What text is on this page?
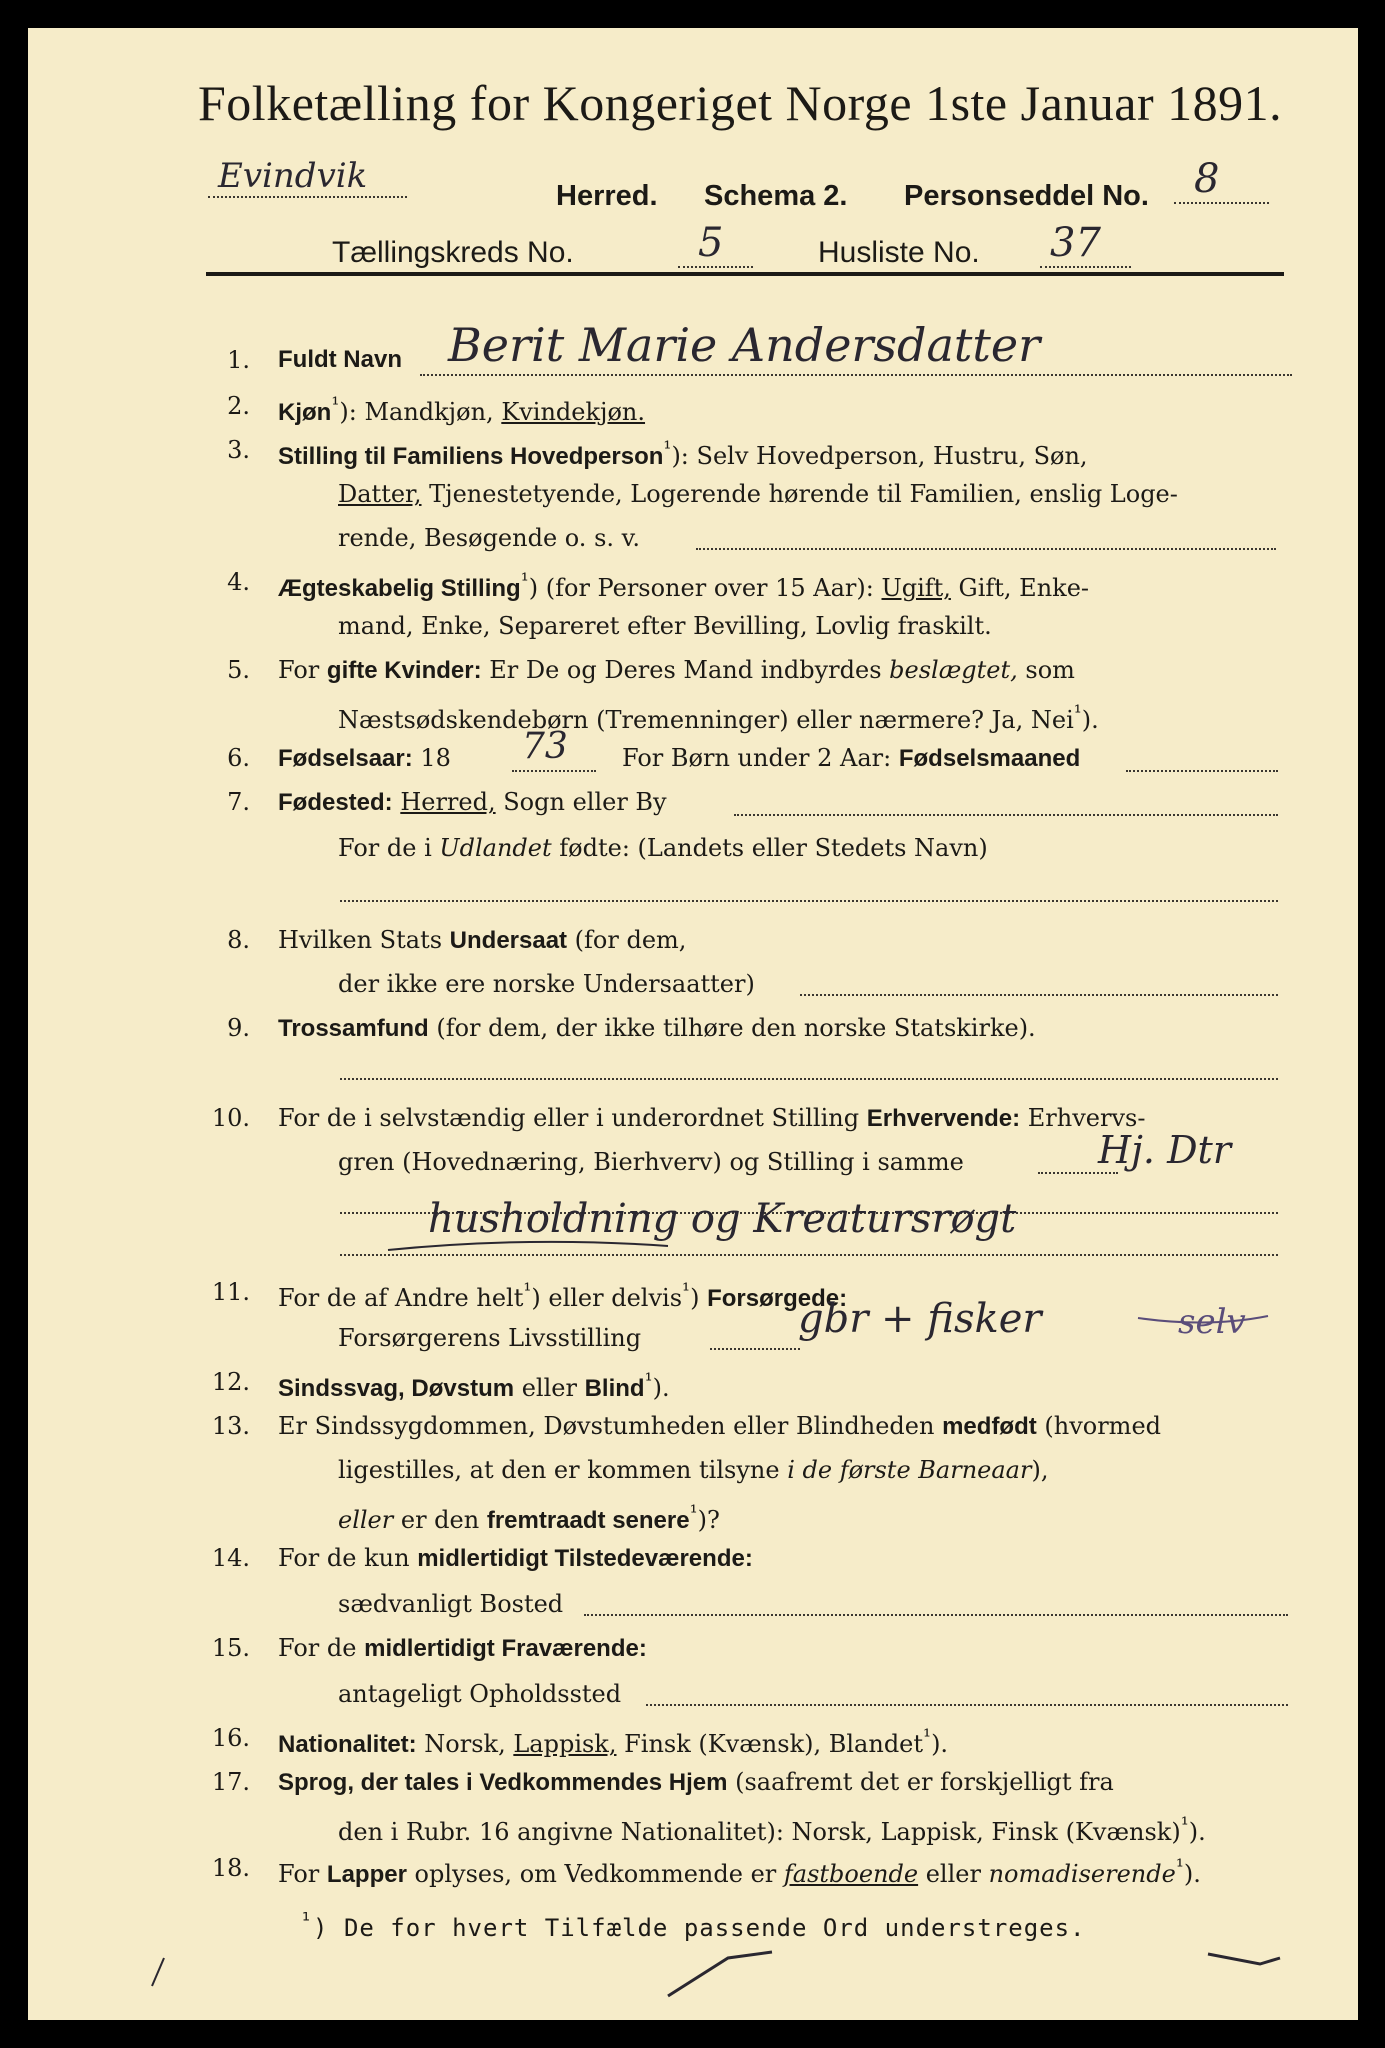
Folketælling for Kongeriget Norge 1ste Januar 1891.
Evindvik	Herred. Schema 2. Personseddel No.	8
Tællingskreds No.	5	Husliste No. 37
1. Fuldt Navn Berit Marie Andersdatter
2. Kjøn$^{^1}$): Mandkjøn, Kvindekjøn.
3. Stilling til Familiens Hovedperson$^{^1}$): Selv Hovedperson, Hustru, Søn,
Datter, Tjenestetyende, Logerende hørende til Familien, enslig Loge-
rende, Besøgende o. s. v.
4. Ægteskabelig Stilling$^{^1}$) (for Personer over 15 Aar): Ugift, Gift, Enke-
mand, Enke, Separeret efter Bevilling, Lovlig fraskilt.
5. For gifte Kvinder: Er De og Deres Mand indbyrdes beslægtet, som
Næstsødskendebørn (Tremenninger) eller nærmere? Ja, Nei$^{^1}$).
6. Fødselsaar: 18 73 For Børn under 2 Aar: Fødselsmaaned
7. Fødested: Herred, Sogn eller By
For de i Udlandet fødte: (Landets eller Stedets Navn)
8. Hvilken Stats Undersaat (for dem,
der ikke ere norske Undersaatter)
9. Trossamfund (for dem, der ikke tilhøre den norske Statskirke).
10. For de i selvstændig eller i underordnet Stilling Erhvervende: Erhvervs-
gren (Hovednæring, Bierhverv) og Stilling i samme	Hj. Dtr
husholdning og Kreatursrøgt
11. For de af Andre helt$^{^1}$) eller delvis$^{^1}$) Forsørgede:
Forsørgerens Livsstilling	gbr + fisker	selv
12. Sindssvag, Døvstum eller Blind$^{^1}$).
13. Er Sindssygdommen, Døvstumheden eller Blindheden medfødt (hvormed
ligestilles, at den er kommen tilsyne i de første Barneaar),
eller er den fremtraadt senere$^{^1}$)?
14. For de kun midlertidigt Tilstedeværende:
sædvanligt Bosted
15. For de midlertidigt Fraværende:
antageligt Opholdssted
16. Nationalitet: Norsk, Lappisk, Finsk (Kvænsk), Blandet$^{^1}$).
17. Sprog, der tales i Vedkommendes Hjem (saafremt det er forskjelligt fra
den i Rubr. 16 angivne Nationalitet): Norsk, Lappisk, Finsk (Kvænsk)$^{^1}$).
18. For Lapper oplyses, om Vedkommende er fastboende eller nomadiserende$^{^1}$).
$^{^1}$) De for hvert Tilfælde passende Ord understreges.
